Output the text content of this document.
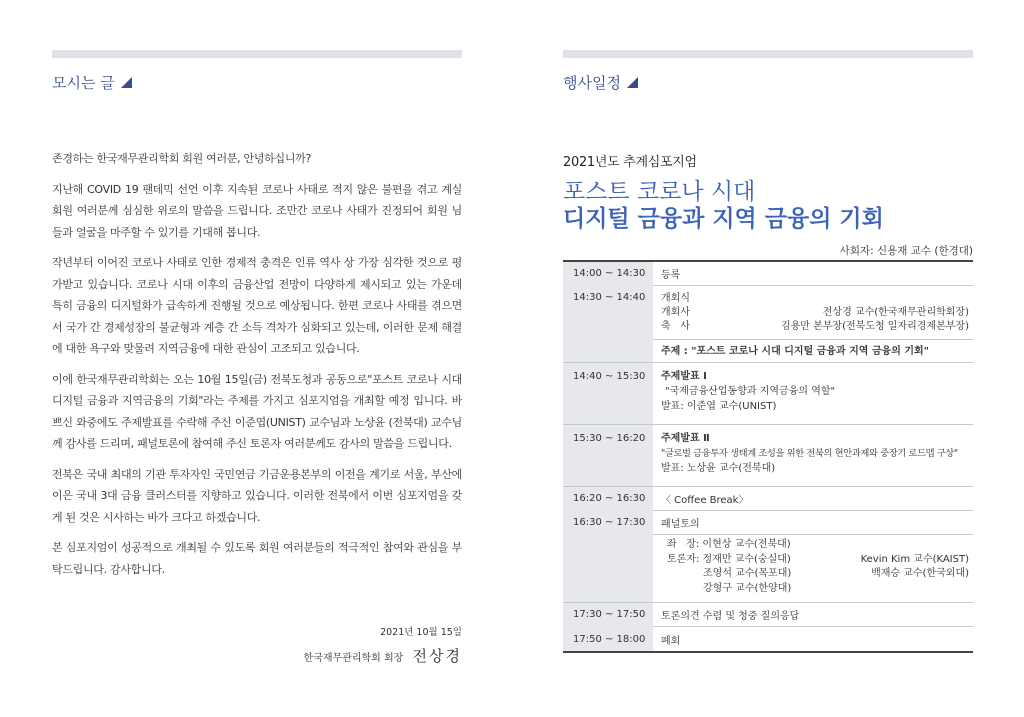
모시는 글

존경하는 한국재무관리학회 회원 여러분, 안녕하십니까?

지난해 COVID 19 팬데믹 선언 이후 지속된 코로나 사태로 적지 않은 불편을 겪고 계실 회원 여러분께 심심한 위로의 말씀을 드립니다. 조만간 코로나 사태가 진정되어 회원 님들과 얼굴을 마주할 수 있기를 기대해 봅니다.

작년부터 이어진 코로나 사태로 인한 경제적 충격은 인류 역사 상 가장 심각한 것으로 평가받고 있습니다. 코로나 시대 이후의 금융산업 전망이 다양하게 제시되고 있는 가운데 특히 금융의 디지털화가 급속하게 진행될 것으로 예상됩니다. 한편 코로나 사태를 겪으면서 국가 간 경제성장의 불균형과 계층 간 소득 격차가 심화되고 있는데, 이러한 문제 해결에 대한 욕구와 맞물려 지역금융에 대한 관심이 고조되고 있습니다.

이에 한국재무관리학회는 오는 10월 15일(금) 전북도청과 공동으로"포스트 코로나 시대 디지털 금융과 지역금융의 기회"라는 주제를 가지고 심포지엄을 개최할 예정 입니다. 바쁘신 와중에도 주제발표를 수락해 주신 이준엽(UNIST) 교수님과 노상윤 (전북대) 교수님께 감사를 드리며, 패널토론에 참여해 주신 토론자 여러분께도 감사의 말씀을 드립니다.

전북은 국내 최대의 기관 투자자인 국민연금 기금운용본부의 이전을 계기로 서울, 부산에 이은 국내 3대 금융 클러스터를 지향하고 있습니다. 이러한 전북에서 이번 심포지엄을 갖게 된 것은 시사하는 바가 크다고 하겠습니다.

본 심포지엄이 성공적으로 개최될 수 있도록 회원 여러분들의 적극적인 참여와 관심을 부탁드립니다. 감사합니다.

2021년 10월 15일
한국재무관리학회 회장 전상경
행사일정
2021년도 추계심포지엄
포스트 코로나 시대
디지털 금융과 지역 금융의 기회
사회자: 신용재 교수 (한경대)
14:00 ~ 14:30	등록
14:30 ~ 14:40	개회식
개회사	전상경 교수(한국재무관리학회장)
축   사	김용만 본부장(전북도청 일자리경제본부장)
주제 : "포스트 코로나 시대 디지털 금융과 지역 금융의 기회"
14:40 ~ 15:30	주제발표 Ⅰ
"국제금융산업동향과 지역금융의 역할"
발표: 이준엽 교수(UNIST)
15:30 ~ 16:20	주제발표 Ⅱ
"글로벌 금융투자 생태계 조성을 위한 전북의 현안과제와 중장기 로드맵 구상"
발표: 노상윤 교수(전북대)
16:20 ~ 16:30	〈 Coffee Break〉
16:30 ~ 17:30	패널토의
좌   장: 이현상 교수(전북대)
토론자: 정재만 교수(숭실대)	Kevin Kim 교수(KAIST)
조영석 교수(목포대)	백재승 교수(한국외대)
강형구 교수(한양대)
17:30 ~ 17:50	토론의견 수렴 및 청중 질의응답
17:50 ~ 18:00	폐회
